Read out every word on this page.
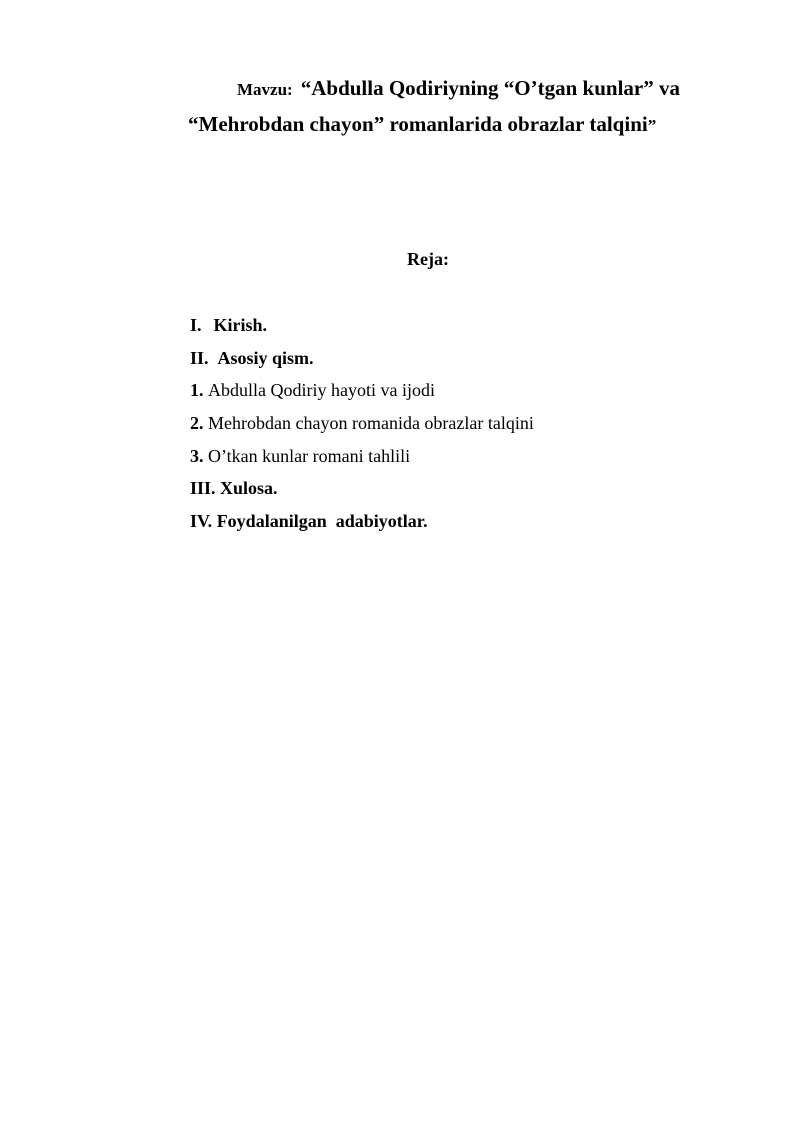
Mavzu: “Abdulla Qodiriyning “O’tgan kunlar” va
“Mehrobdan chayon” romanlarida obrazlar talqini”
Reja:
I. Kirish.
II. Asosiy qism.
1. Abdulla Qodiriy hayoti va ijodi
2. Mehrobdan chayon romanida obrazlar talqini
3. O’tkan kunlar romani tahlili
III. Xulosa.
IV. Foydalanilgan  adabiyotlar.
